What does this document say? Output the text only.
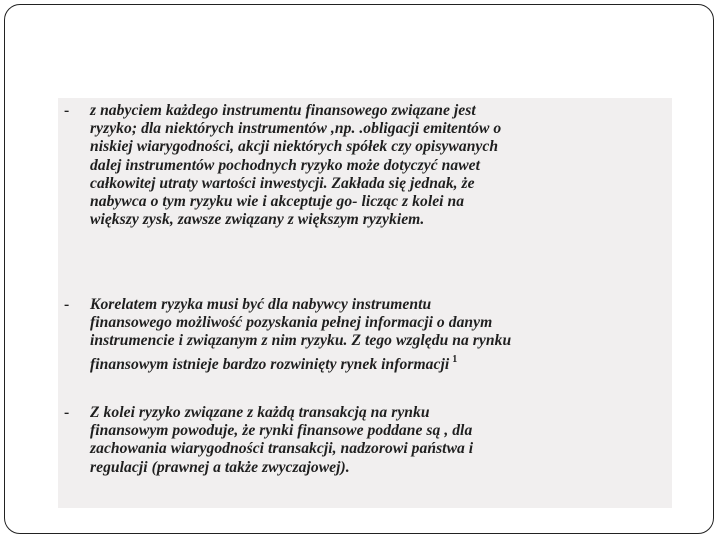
- z nabyciem każdego instrumentu finansowego związane jest
ryzyko; dla niektórych instrumentów ,np. .obligacji emitentów o
niskiej wiarygodności, akcji niektórych spółek czy opisywanych
dalej instrumentów pochodnych ryzyko może dotyczyć nawet
całkowitej utraty wartości inwestycji. Zakłada się jednak, że
nabywca o tym ryzyku wie i akceptuje go- licząc z kolei na
większy zysk, zawsze związany z większym ryzykiem.
- Korelatem ryzyka musi być dla nabywcy instrumentu
finansowego możliwość pozyskania pełnej informacji o danym
instrumencie i związanym z nim ryzyku. Z tego względu na rynku
finansowym istnieje bardzo rozwinięty rynek informacji $^1$
- Z kolei ryzyko związane z każdą transakcją na rynku
finansowym powoduje, że rynki finansowe poddane są , dla
zachowania wiarygodności transakcji, nadzorowi państwa i
regulacji (prawnej a także zwyczajowej).
